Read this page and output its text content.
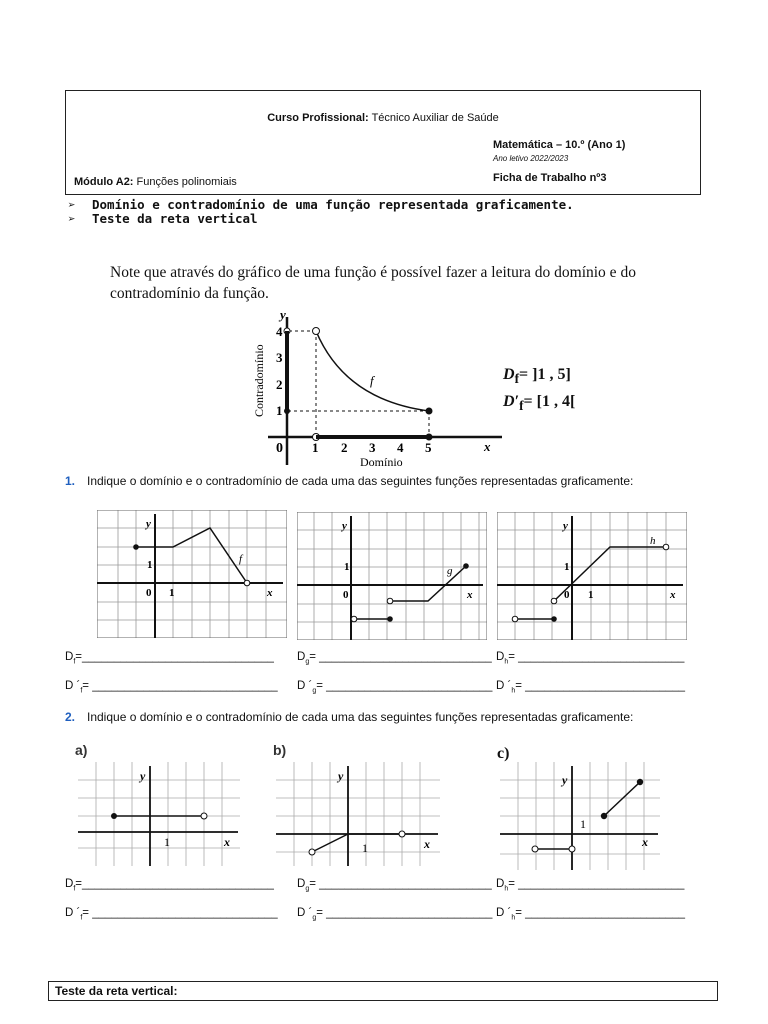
Curso Profissional: Técnico Auxiliar de Saúde
Matemática – 10.º (Ano 1)
Ano letivo 2022/2023
Ficha de Trabalho nº3
Módulo A2: Funções polinomiais
➢ Domínio e contradomínio de uma função representada graficamente.
➢ Teste da reta vertical
Note que através do gráfico de uma função é possível fazer a leitura do domínio e do contradomínio da função.
0 1 2 3 4 5
1
2
3
4
y
x
f
Domínio
Contradomínio	$D_f= ]1$ , 5]
$D'_f= [1$ , 4[
1. Indique o domínio e o contradomínio de cada uma das seguintes funções representadas graficamente:
y
x
0 1
1	f
y
x
0
1	g
y
x
0 1
1
h
$D_f=\_\_\_\_\_\_\_\_\_\_\_\_\_\_\_\_\_\_\_\_\_\_\_\_\_\_\_\_\_\_$ $D_g=$ ___________________________ $D_h=$ __________________________
D $´_f=$ _____________________________ D $´_g=$ __________________________ D $´_h=$ _________________________
2. Indique o domínio e o contradomínio de cada uma das seguintes funções representadas graficamente:
a)
y
x
1
b)
y
x
1
c)
y
x
1
$D_f=\_\_\_\_\_\_\_\_\_\_\_\_\_\_\_\_\_\_\_\_\_\_\_\_\_\_\_\_\_\_$ $D_g=$ ___________________________ $D_h=$ __________________________
D $´_f=$ _____________________________ D $´_g=$ __________________________ D $´_h=$ _________________________
Teste da reta vertical:
